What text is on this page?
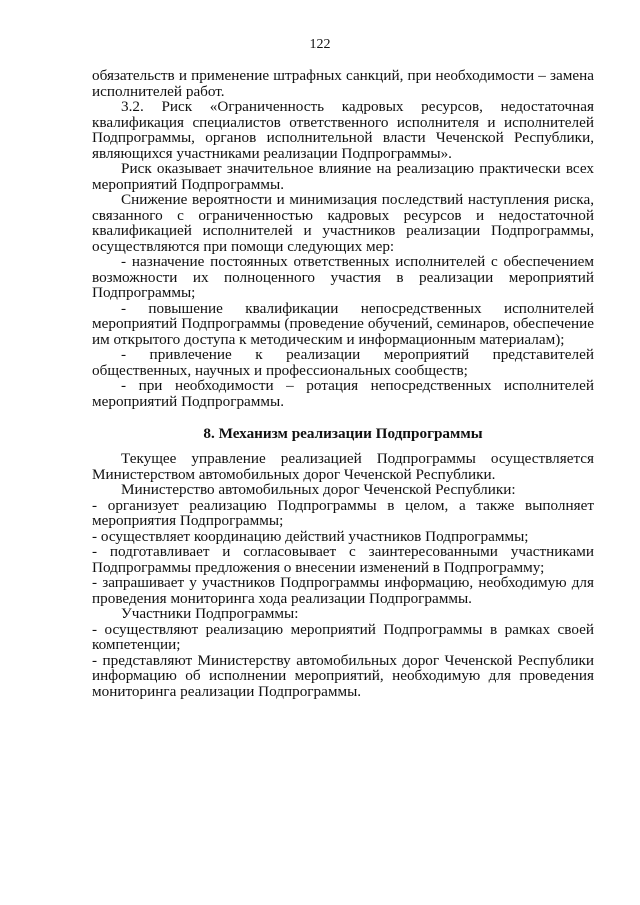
122

обязательств и применение штрафных санкций, при необходимости – замена исполнителей работ.

3.2. Риск «Ограниченность кадровых ресурсов, недостаточная квалификация специалистов ответственного исполнителя и исполнителей Подпрограммы, органов исполнительной власти Чеченской Республики, являющихся участниками реализации Подпрограммы».

Риск оказывает значительное влияние на реализацию практически всех мероприятий Подпрограммы.

Снижение вероятности и минимизация последствий наступления риска, связанного с ограниченностью кадровых ресурсов и недостаточной квалификацией исполнителей и участников реализации Подпрограммы, осуществляются при помощи следующих мер:

- назначение постоянных ответственных исполнителей с обеспечением возможности их полноценного участия в реализации мероприятий Подпрограммы;

- повышение квалификации непосредственных исполнителей мероприятий Подпрограммы (проведение обучений, семинаров, обеспечение им открытого доступа к методическим и информационным материалам);

- привлечение к реализации мероприятий представителей общественных, научных и профессиональных сообществ;

- при необходимости – ротация непосредственных исполнителей мероприятий Подпрограммы.

8. Механизм реализации Подпрограммы

Текущее управление реализацией Подпрограммы осуществляется Министерством автомобильных дорог Чеченской Республики.

Министерство автомобильных дорог Чеченской Республики:

- организует реализацию Подпрограммы в целом, а также выполняет мероприятия Подпрограммы;

- осуществляет координацию действий участников Подпрограммы;

- подготавливает и согласовывает с заинтересованными участниками Подпрограммы предложения о внесении изменений в Подпрограмму;

- запрашивает у участников Подпрограммы информацию, необходимую для проведения мониторинга хода реализации Подпрограммы.

Участники Подпрограммы:

- осуществляют реализацию мероприятий Подпрограммы в рамках своей компетенции;

- представляют Министерству автомобильных дорог Чеченской Республики информацию об исполнении мероприятий, необходимую для проведения мониторинга реализации Подпрограммы.
